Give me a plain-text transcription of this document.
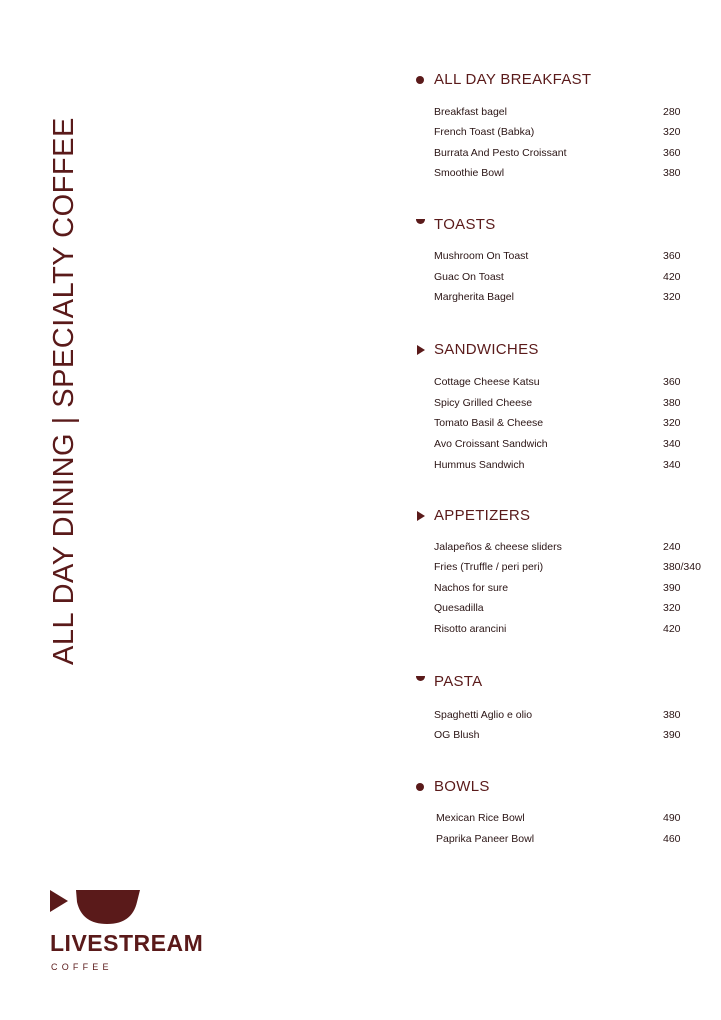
ALL DAY DINING | SPECIALTY COFFEE
ALL DAY BREAKFAST
Breakfast bagel	280
French Toast (Babka)	320
Burrata And Pesto Croissant	360
Smoothie Bowl	380
TOASTS
Mushroom On Toast	360
Guac On Toast	420
Margherita Bagel	320
SANDWICHES
Cottage Cheese Katsu	360
Spicy Grilled Cheese	380
Tomato Basil & Cheese	320
Avo Croissant Sandwich	340
Hummus Sandwich	340
APPETIZERS
Jalapeños & cheese sliders	240
Fries (Truffle / peri peri)	380/340
Nachos for sure	390
Quesadilla	320
Risotto arancini	420
PASTA
Spaghetti Aglio e olio	380
OG Blush	390
BOWLS
Mexican Rice Bowl	490
Paprika Paneer Bowl	460
LIVESTREAM
COFFEE
